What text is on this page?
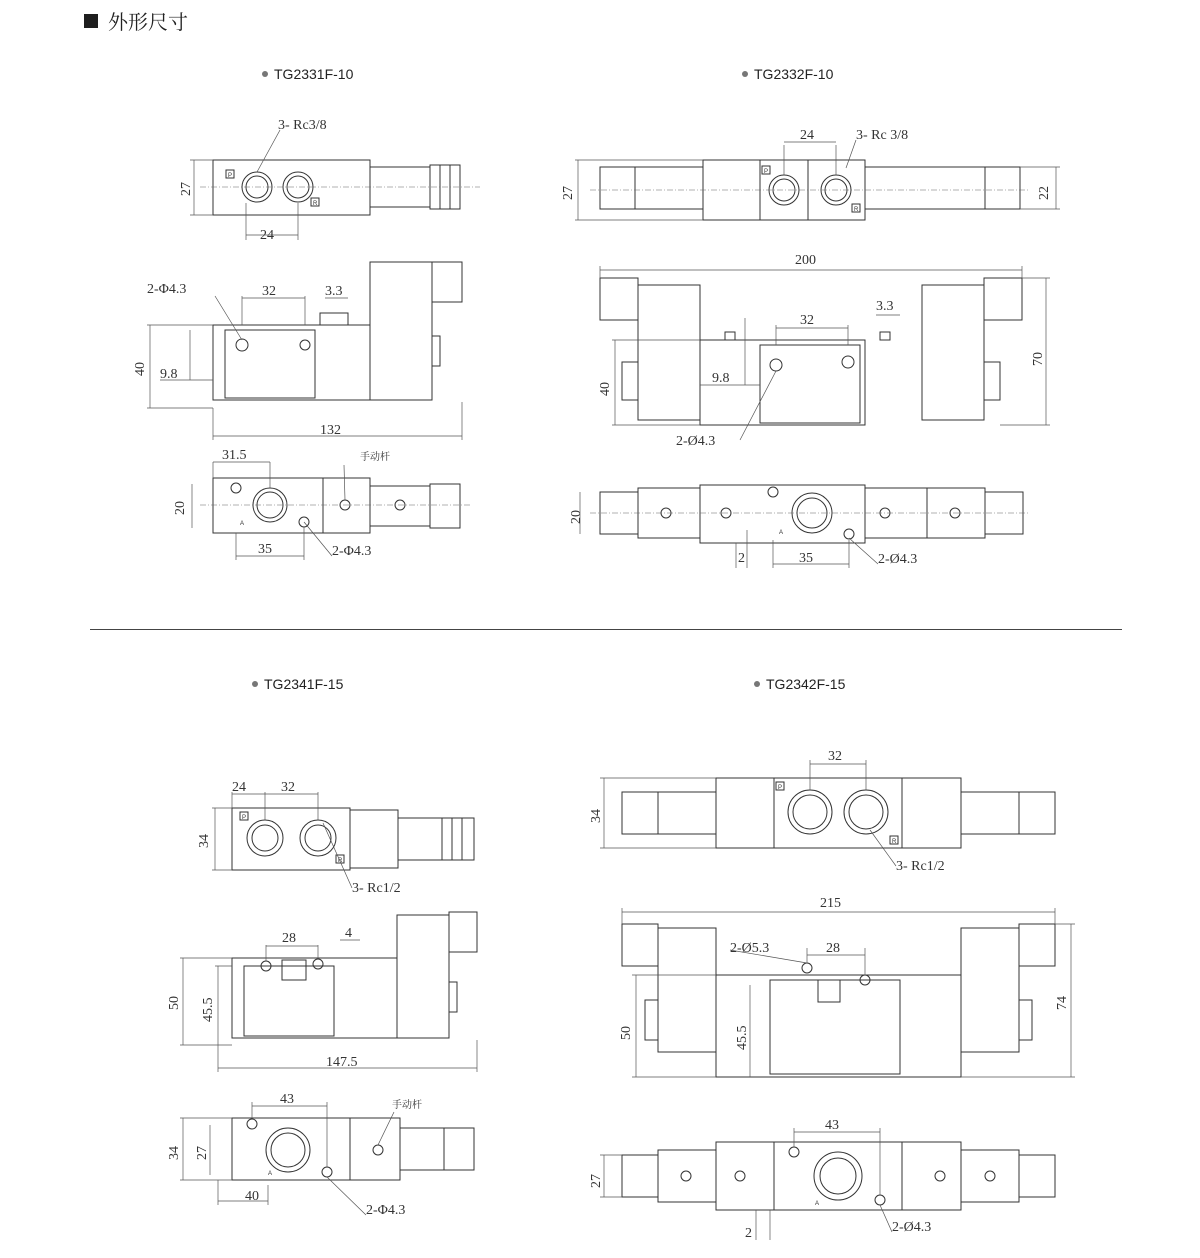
外形尺寸
TG2331F-10	TG2332F-10
TG2341F-15	TG2342F-15
3- Rc3/8
24
27
P
R
2-Φ4.3	32	3.3
40 9.8
132
31.5
20
35	2-Φ4.3
手动杆
A
24	3- Rc 3/8
27	22
P
R
200
70
32
3.3
40
9.8
2-Ø4.3
20
2	35	2-Ø4.3
A
24	32
34
3- Rc1/2
P
R
28	4
50 45.5
147.5
43
34 27
40
2-Φ4.3
手动杆
A
32
34
3- Rc1/2
P
R
215
74
2-Ø5.3	28
50	45.5
43
27
2	2-Ø4.3
A
